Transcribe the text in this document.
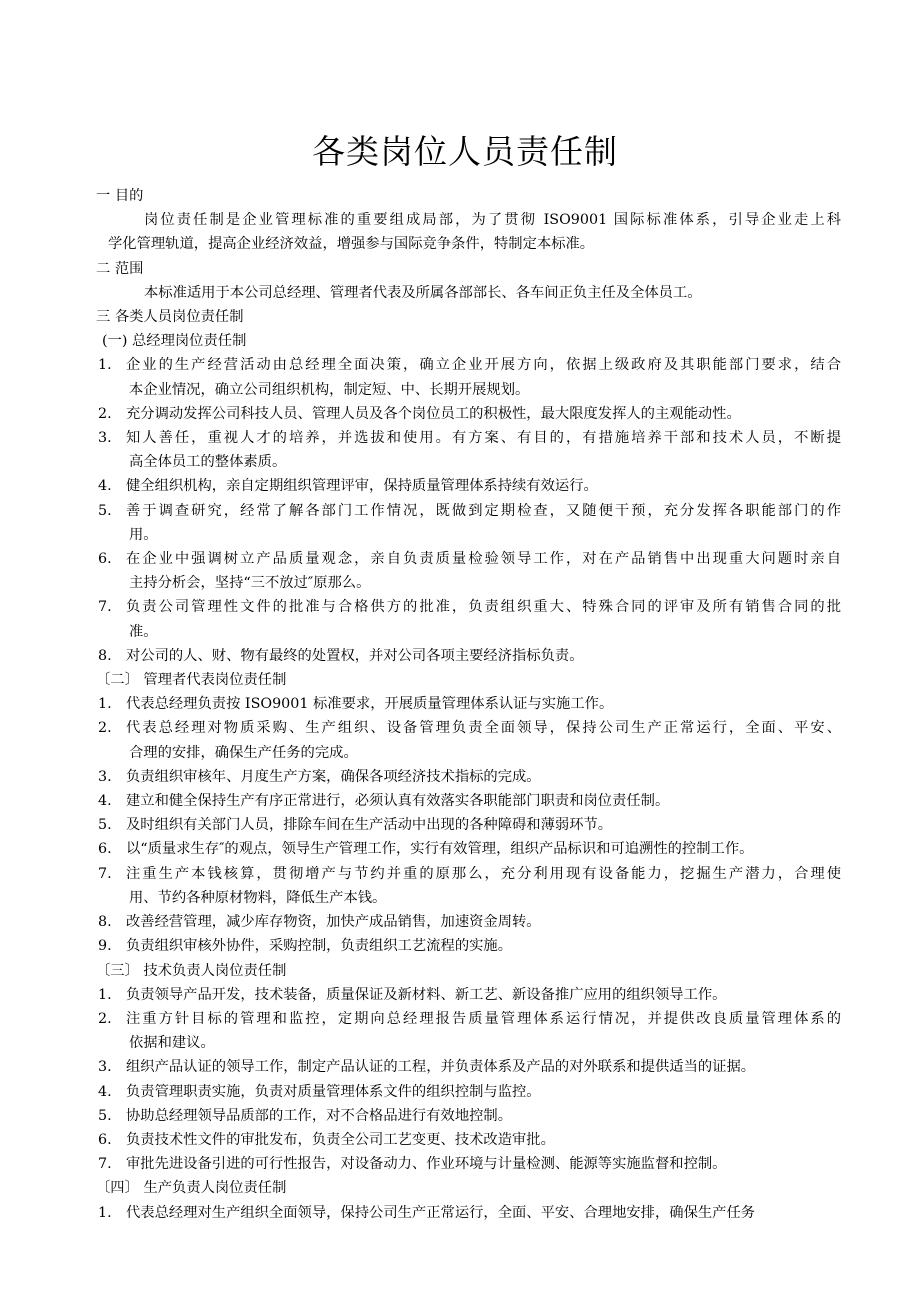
各类岗位人员责任制
一 目的
岗位责任制是企业管理标准的重要组成局部，为了贯彻 ISO9001 国际标准体系，引导企业走上科
学化管理轨道，提高企业经济效益，增强参与国际竞争条件，特制定本标准。
二 范围
本标准适用于本公司总经理、管理者代表及所属各部部长、各车间正负主任及全体员工。
三 各类人员岗位责任制
(一) 总经理岗位责任制
1. 企业的生产经营活动由总经理全面决策，确立企业开展方向，依据上级政府及其职能部门要求，结合
本企业情况，确立公司组织机构，制定短、中、长期开展规划。
2. 充分调动发挥公司科技人员、管理人员及各个岗位员工的积极性，最大限度发挥人的主观能动性。
3. 知人善任，重视人才的培养，并选拔和使用。有方案、有目的，有措施培养干部和技术人员，不断提
高全体员工的整体素质。
4. 健全组织机构，亲自定期组织管理评审，保持质量管理体系持续有效运行。
5. 善于调查研究，经常了解各部门工作情况，既做到定期检查，又随便干预，充分发挥各职能部门的作
用。
6. 在企业中强调树立产品质量观念，亲自负责质量检验领导工作，对在产品销售中出现重大问题时亲自
主持分析会，坚持“三不放过″原那么。
7. 负责公司管理性文件的批准与合格供方的批准，负责组织重大、特殊合同的评审及所有销售合同的批
准。
8. 对公司的人、财、物有最终的处置权，并对公司各项主要经济指标负责。
〔二〕 管理者代表岗位责任制
1. 代表总经理负责按 ISO9001 标准要求，开展质量管理体系认证与实施工作。
2. 代表总经理对物质采购、生产组织、设备管理负责全面领导，保持公司生产正常运行，全面、平安、
合理的安排，确保生产任务的完成。
3. 负责组织审核年、月度生产方案，确保各项经济技术指标的完成。
4. 建立和健全保持生产有序正常进行，必须认真有效落实各职能部门职责和岗位责任制。
5. 及时组织有关部门人员，排除车间在生产活动中出现的各种障碍和薄弱环节。
6. 以“质量求生存″的观点，领导生产管理工作，实行有效管理，组织产品标识和可追溯性的控制工作。
7. 注重生产本钱核算，贯彻增产与节约并重的原那么，充分利用现有设备能力，挖掘生产潜力，合理使
用、节约各种原材物料，降低生产本钱。
8. 改善经营管理，减少库存物资，加快产成品销售，加速资金周转。
9. 负责组织审核外协件，采购控制，负责组织工艺流程的实施。
〔三〕 技术负责人岗位责任制
1. 负责领导产品开发，技术装备，质量保证及新材料、新工艺、新设备推广应用的组织领导工作。
2. 注重方针目标的管理和监控，定期向总经理报告质量管理体系运行情况，并提供改良质量管理体系的
依据和建议。
3. 组织产品认证的领导工作，制定产品认证的工程，并负责体系及产品的对外联系和提供适当的证据。
4. 负责管理职责实施，负责对质量管理体系文件的组织控制与监控。
5. 协助总经理领导品质部的工作，对不合格品进行有效地控制。
6. 负责技术性文件的审批发布，负责全公司工艺变更、技术改造审批。
7. 审批先进设备引进的可行性报告，对设备动力、作业环境与计量检测、能源等实施监督和控制。
〔四〕 生产负责人岗位责任制
1. 代表总经理对生产组织全面领导，保持公司生产正常运行，全面、平安、合理地安排，确保生产任务
